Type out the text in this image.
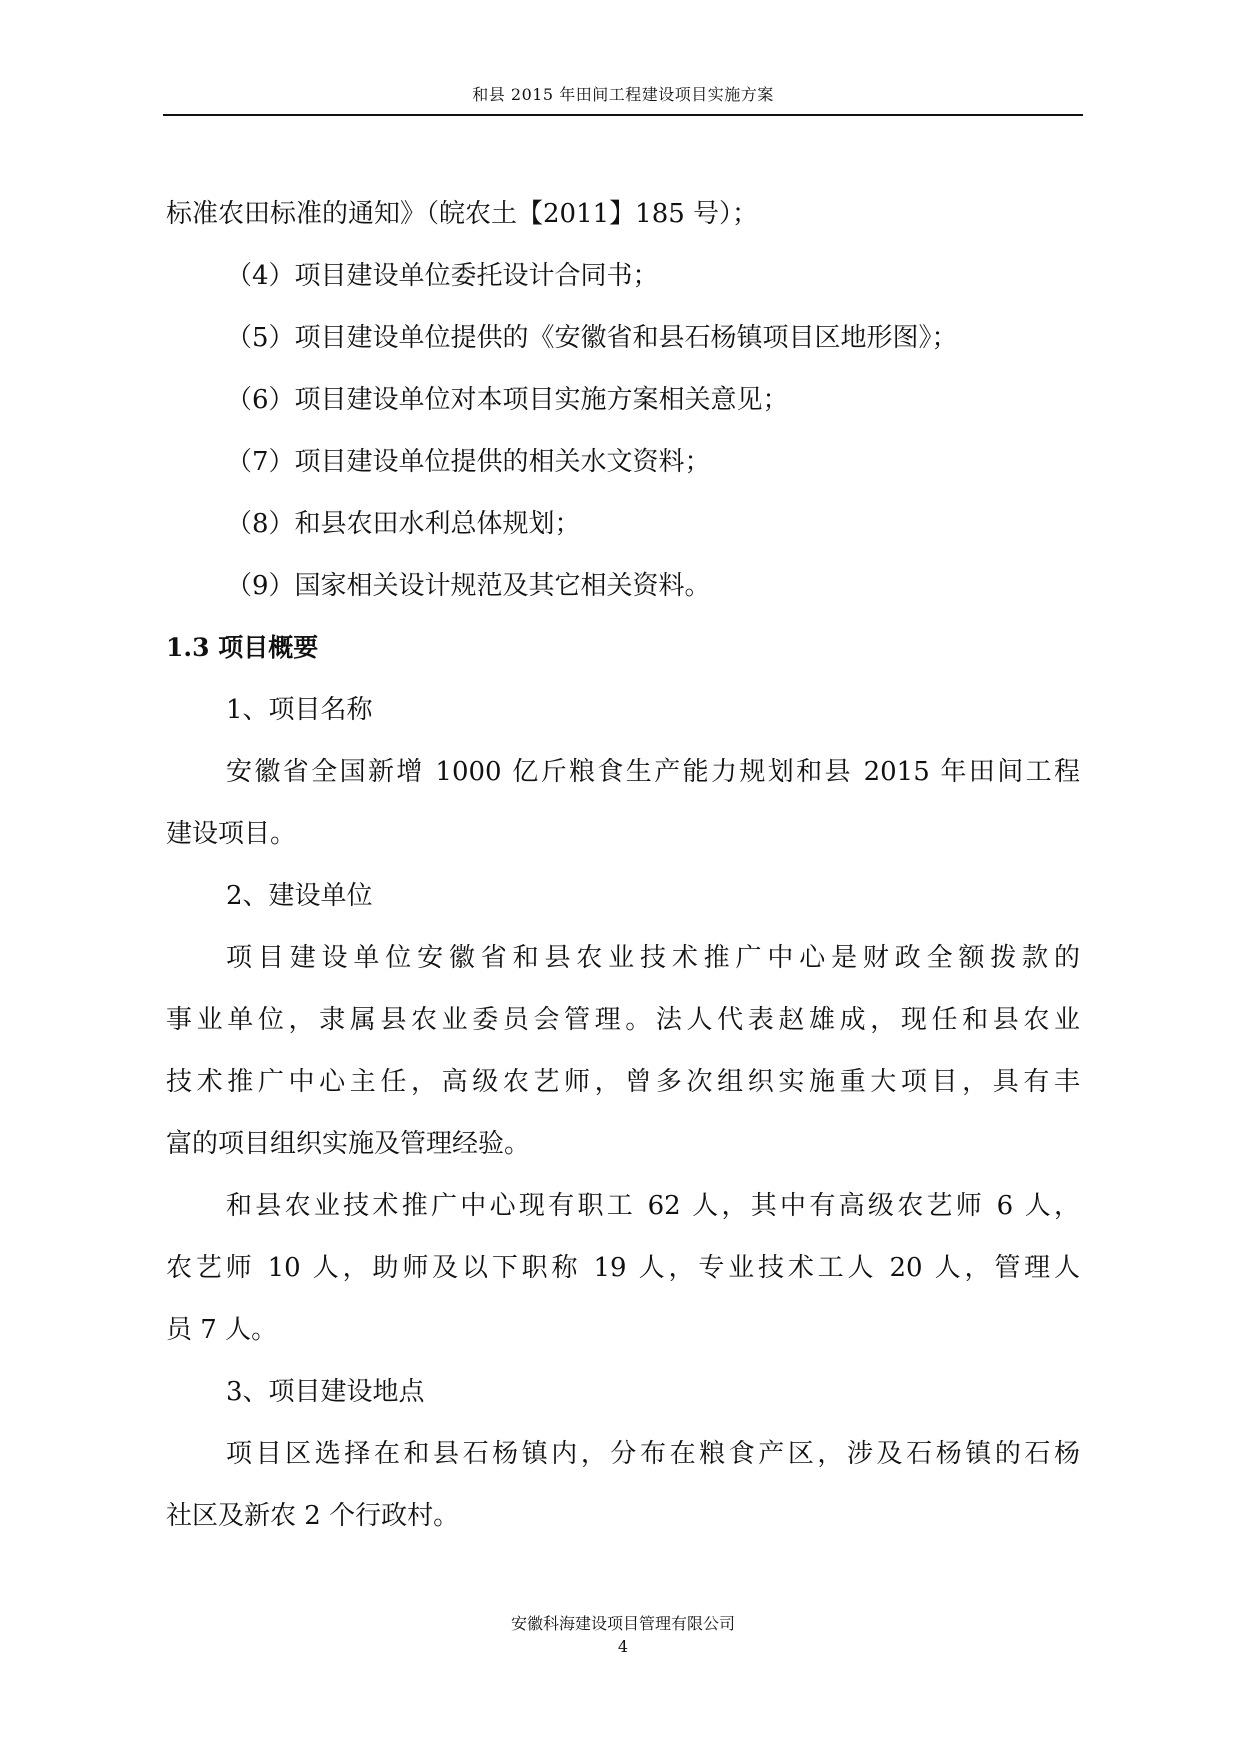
和县 2015 年田间工程建设项目实施方案
标准农田标准的通知》（皖农土【2011】185 号）；
（4）项目建设单位委托设计合同书；
（5）项目建设单位提供的《安徽省和县石杨镇项目区地形图》；
（6）项目建设单位对本项目实施方案相关意见；
（7）项目建设单位提供的相关水文资料；
（8）和县农田水利总体规划；
（9）国家相关设计规范及其它相关资料。
1.3 项目概要
1、项目名称
安徽省全国新增 1000 亿斤粮食生产能力规划和县 2015 年田间工程
建设项目。
2、建设单位
项目建设单位安徽省和县农业技术推广中心是财政全额拨款的
事业单位，隶属县农业委员会管理。法人代表赵雄成，现任和县农业
技术推广中心主任，高级农艺师，曾多次组织实施重大项目，具有丰
富的项目组织实施及管理经验。
和县农业技术推广中心现有职工 62 人，其中有高级农艺师 6 人，
农艺师 10 人，助师及以下职称 19 人，专业技术工人 20 人，管理人
员 7 人。
3、项目建设地点
项目区选择在和县石杨镇内，分布在粮食产区，涉及石杨镇的石杨
社区及新农 2 个行政村。
安徽科海建设项目管理有限公司
4
